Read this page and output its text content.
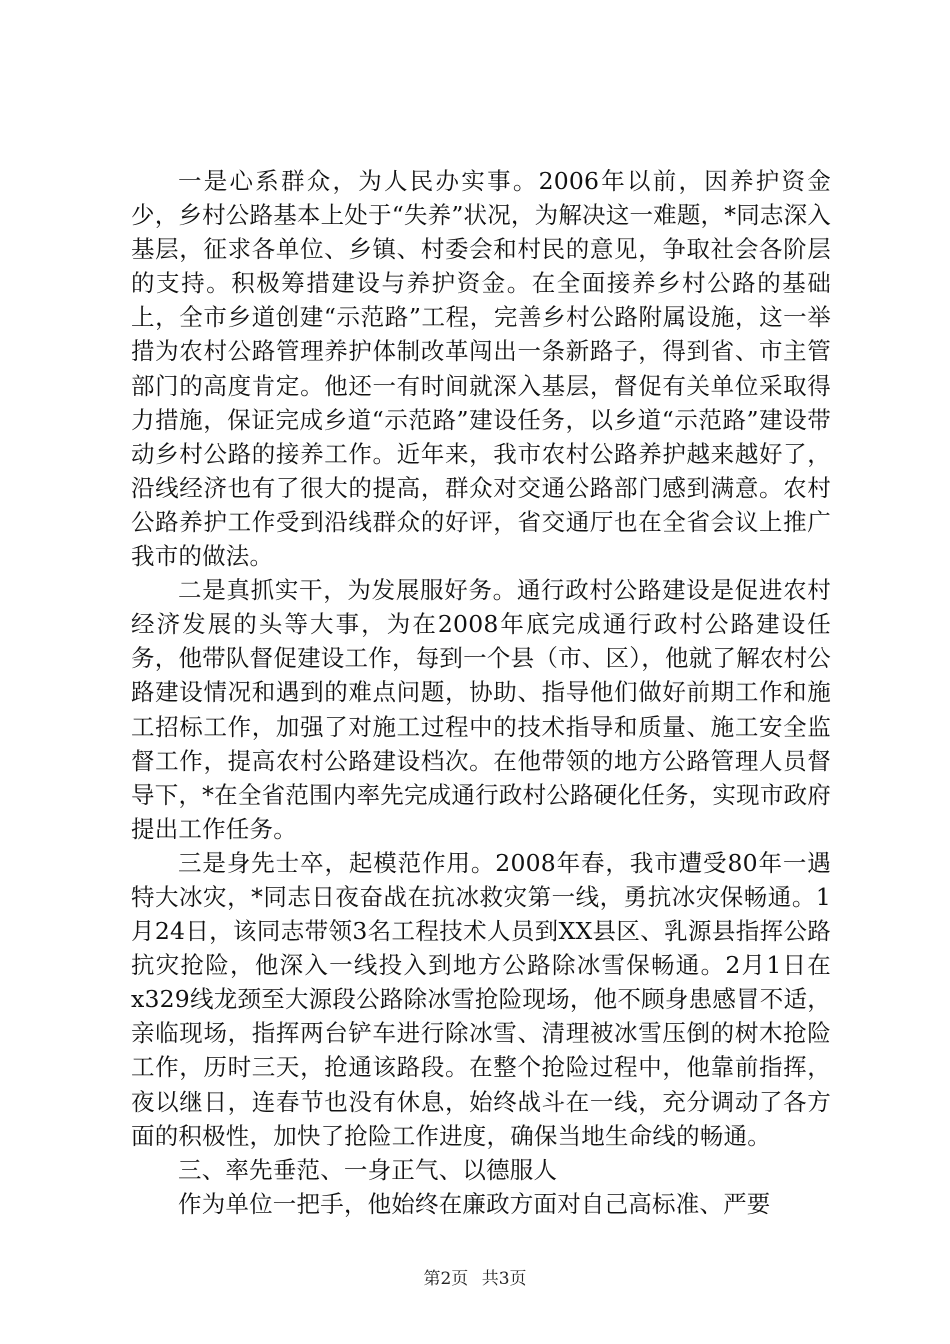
一是心系群众，为人民办实事。2006年以前，因养护资金少，乡村公路基本上处于“失养”状况，为解决这一难题，*同志深入基层，征求各单位、乡镇、村委会和村民的意见，争取社会各阶层的支持。积极筹措建设与养护资金。在全面接养乡村公路的基础上，全市乡道创建“示范路”工程，完善乡村公路附属设施，这一举措为农村公路管理养护体制改革闯出一条新路子，得到省、市主管部门的高度肯定。他还一有时间就深入基层，督促有关单位采取得力措施，保证完成乡道“示范路”建设任务，以乡道“示范路”建设带动乡村公路的接养工作。近年来，我市农村公路养护越来越好了，沿线经济也有了很大的提高，群众对交通公路部门感到满意。农村公路养护工作受到沿线群众的好评，省交通厅也在全省会议上推广我市的做法。

二是真抓实干，为发展服好务。通行政村公路建设是促进农村经济发展的头等大事，为在2008年底完成通行政村公路建设任务，他带队督促建设工作，每到一个县（市、区），他就了解农村公路建设情况和遇到的难点问题，协助、指导他们做好前期工作和施工招标工作，加强了对施工过程中的技术指导和质量、施工安全监督工作，提高农村公路建设档次。在他带领的地方公路管理人员督导下，*在全省范围内率先完成通行政村公路硬化任务，实现市政府提出工作任务。

三是身先士卒，起模范作用。2008年春，我市遭受80年一遇特大冰灾，*同志日夜奋战在抗冰救灾第一线，勇抗冰灾保畅通。1月24日，该同志带领3名工程技术人员到XX县区、乳源县指挥公路抗灾抢险，他深入一线投入到地方公路除冰雪保畅通。2月1日在x329线龙颈至大源段公路除冰雪抢险现场，他不顾身患感冒不适，亲临现场，指挥两台铲车进行除冰雪、清理被冰雪压倒的树木抢险工作，历时三天，抢通该路段。在整个抢险过程中，他靠前指挥，夜以继日，连春节也没有休息，始终战斗在一线，充分调动了各方面的积极性，加快了抢险工作进度，确保当地生命线的畅通。

三、率先垂范、一身正气、以德服人

作为单位一把手，他始终在廉政方面对自己高标准、严要

第2页 共3页
